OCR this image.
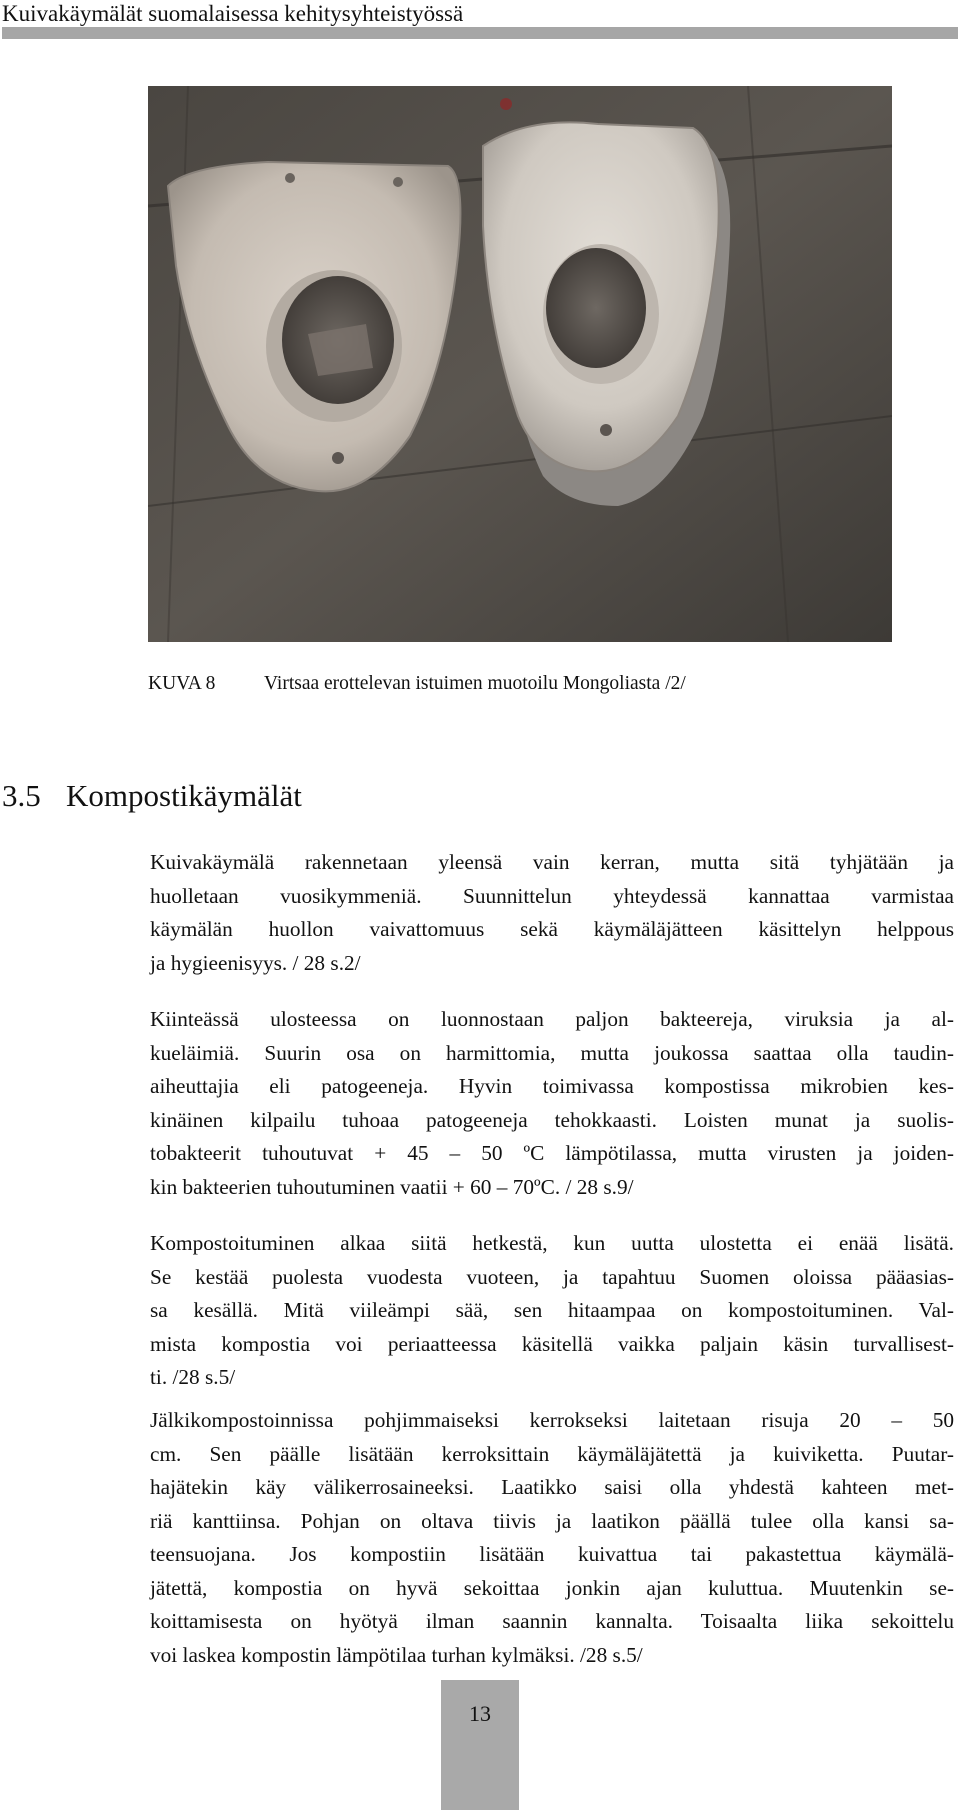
Kuivakäymälät suomalaisessa kehitysyhteistyössä
KUVA 8 Virtsaa erottelevan istuimen muotoilu Mongoliasta /2/
3.5 Kompostikäymälät
Kuivakäymälä rakennetaan yleensä vain kerran, mutta sitä tyhjätään ja
huolletaan vuosikymmeniä. Suunnittelun yhteydessä kannattaa varmistaa
käymälän huollon vaivattomuus sekä käymäläjätteen käsittelyn helppous
ja hygieenisyys. / 28 s.2/
Kiinteässä ulosteessa on luonnostaan paljon bakteereja, viruksia ja al-
kueläimiä. Suurin osa on harmittomia, mutta joukossa saattaa olla taudin-
aiheuttajia eli patogeeneja. Hyvin toimivassa kompostissa mikrobien kes-
kinäinen kilpailu tuhoaa patogeeneja tehokkaasti. Loisten munat ja suolis-
tobakteerit tuhoutuvat + 45 – 50 ºC lämpötilassa, mutta virusten ja joiden-
kin bakteerien tuhoutuminen vaatii + 60 – 70ºC. / 28 s.9/
Kompostoituminen alkaa siitä hetkestä, kun uutta ulostetta ei enää lisätä.
Se kestää puolesta vuodesta vuoteen, ja tapahtuu Suomen oloissa pääasias-
sa kesällä. Mitä viileämpi sää, sen hitaampaa on kompostoituminen. Val-
mista kompostia voi periaatteessa käsitellä vaikka paljain käsin turvallisest-
ti. /28 s.5/
Jälkikompostoinnissa pohjimmaiseksi kerrokseksi laitetaan risuja 20 – 50
cm. Sen päälle lisätään kerroksittain käymäläjätettä ja kuiviketta. Puutar-
hajätekin käy välikerrosaineeksi. Laatikko saisi olla yhdestä kahteen met-
riä kanttiinsa. Pohjan on oltava tiivis ja laatikon päällä tulee olla kansi sa-
teensuojana. Jos kompostiin lisätään kuivattua tai pakastettua käymälä-
jätettä, kompostia on hyvä sekoittaa jonkin ajan kuluttua. Muutenkin se-
koittamisesta on hyötyä ilman saannin kannalta. Toisaalta liika sekoittelu
voi laskea kompostin lämpötilaa turhan kylmäksi. /28 s.5/
13
